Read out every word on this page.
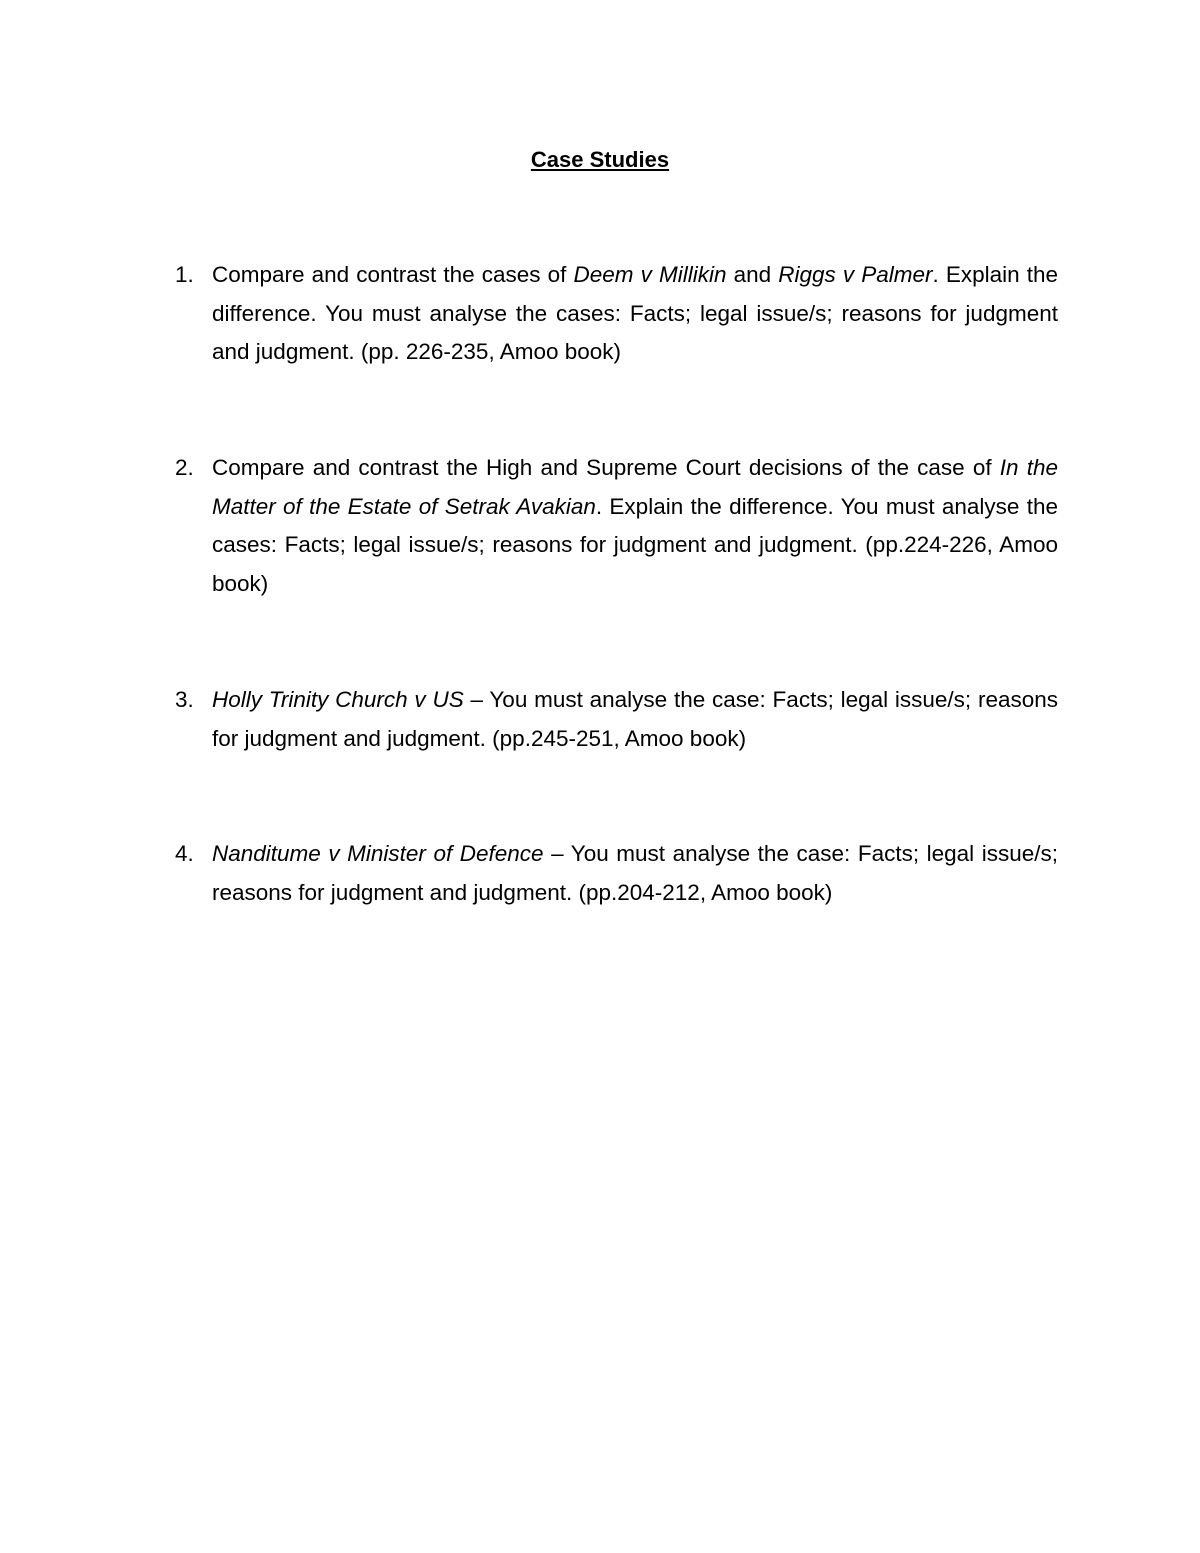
Case Studies
1. Compare and contrast the cases of Deem v Millikin and Riggs v Palmer. Explain the difference. You must analyse the cases: Facts; legal issue/s; reasons for judgment and judgment. (pp. 226-235, Amoo book)
2. Compare and contrast the High and Supreme Court decisions of the case of In the Matter of the Estate of Setrak Avakian. Explain the difference. You must analyse the cases: Facts; legal issue/s; reasons for judgment and judgment. (pp.224-226, Amoo book)
3. Holly Trinity Church v US – You must analyse the case: Facts; legal issue/s; reasons for judgment and judgment. (pp.245-251, Amoo book)
4. Nanditume v Minister of Defence – You must analyse the case: Facts; legal issue/s; reasons for judgment and judgment. (pp.204-212, Amoo book)
